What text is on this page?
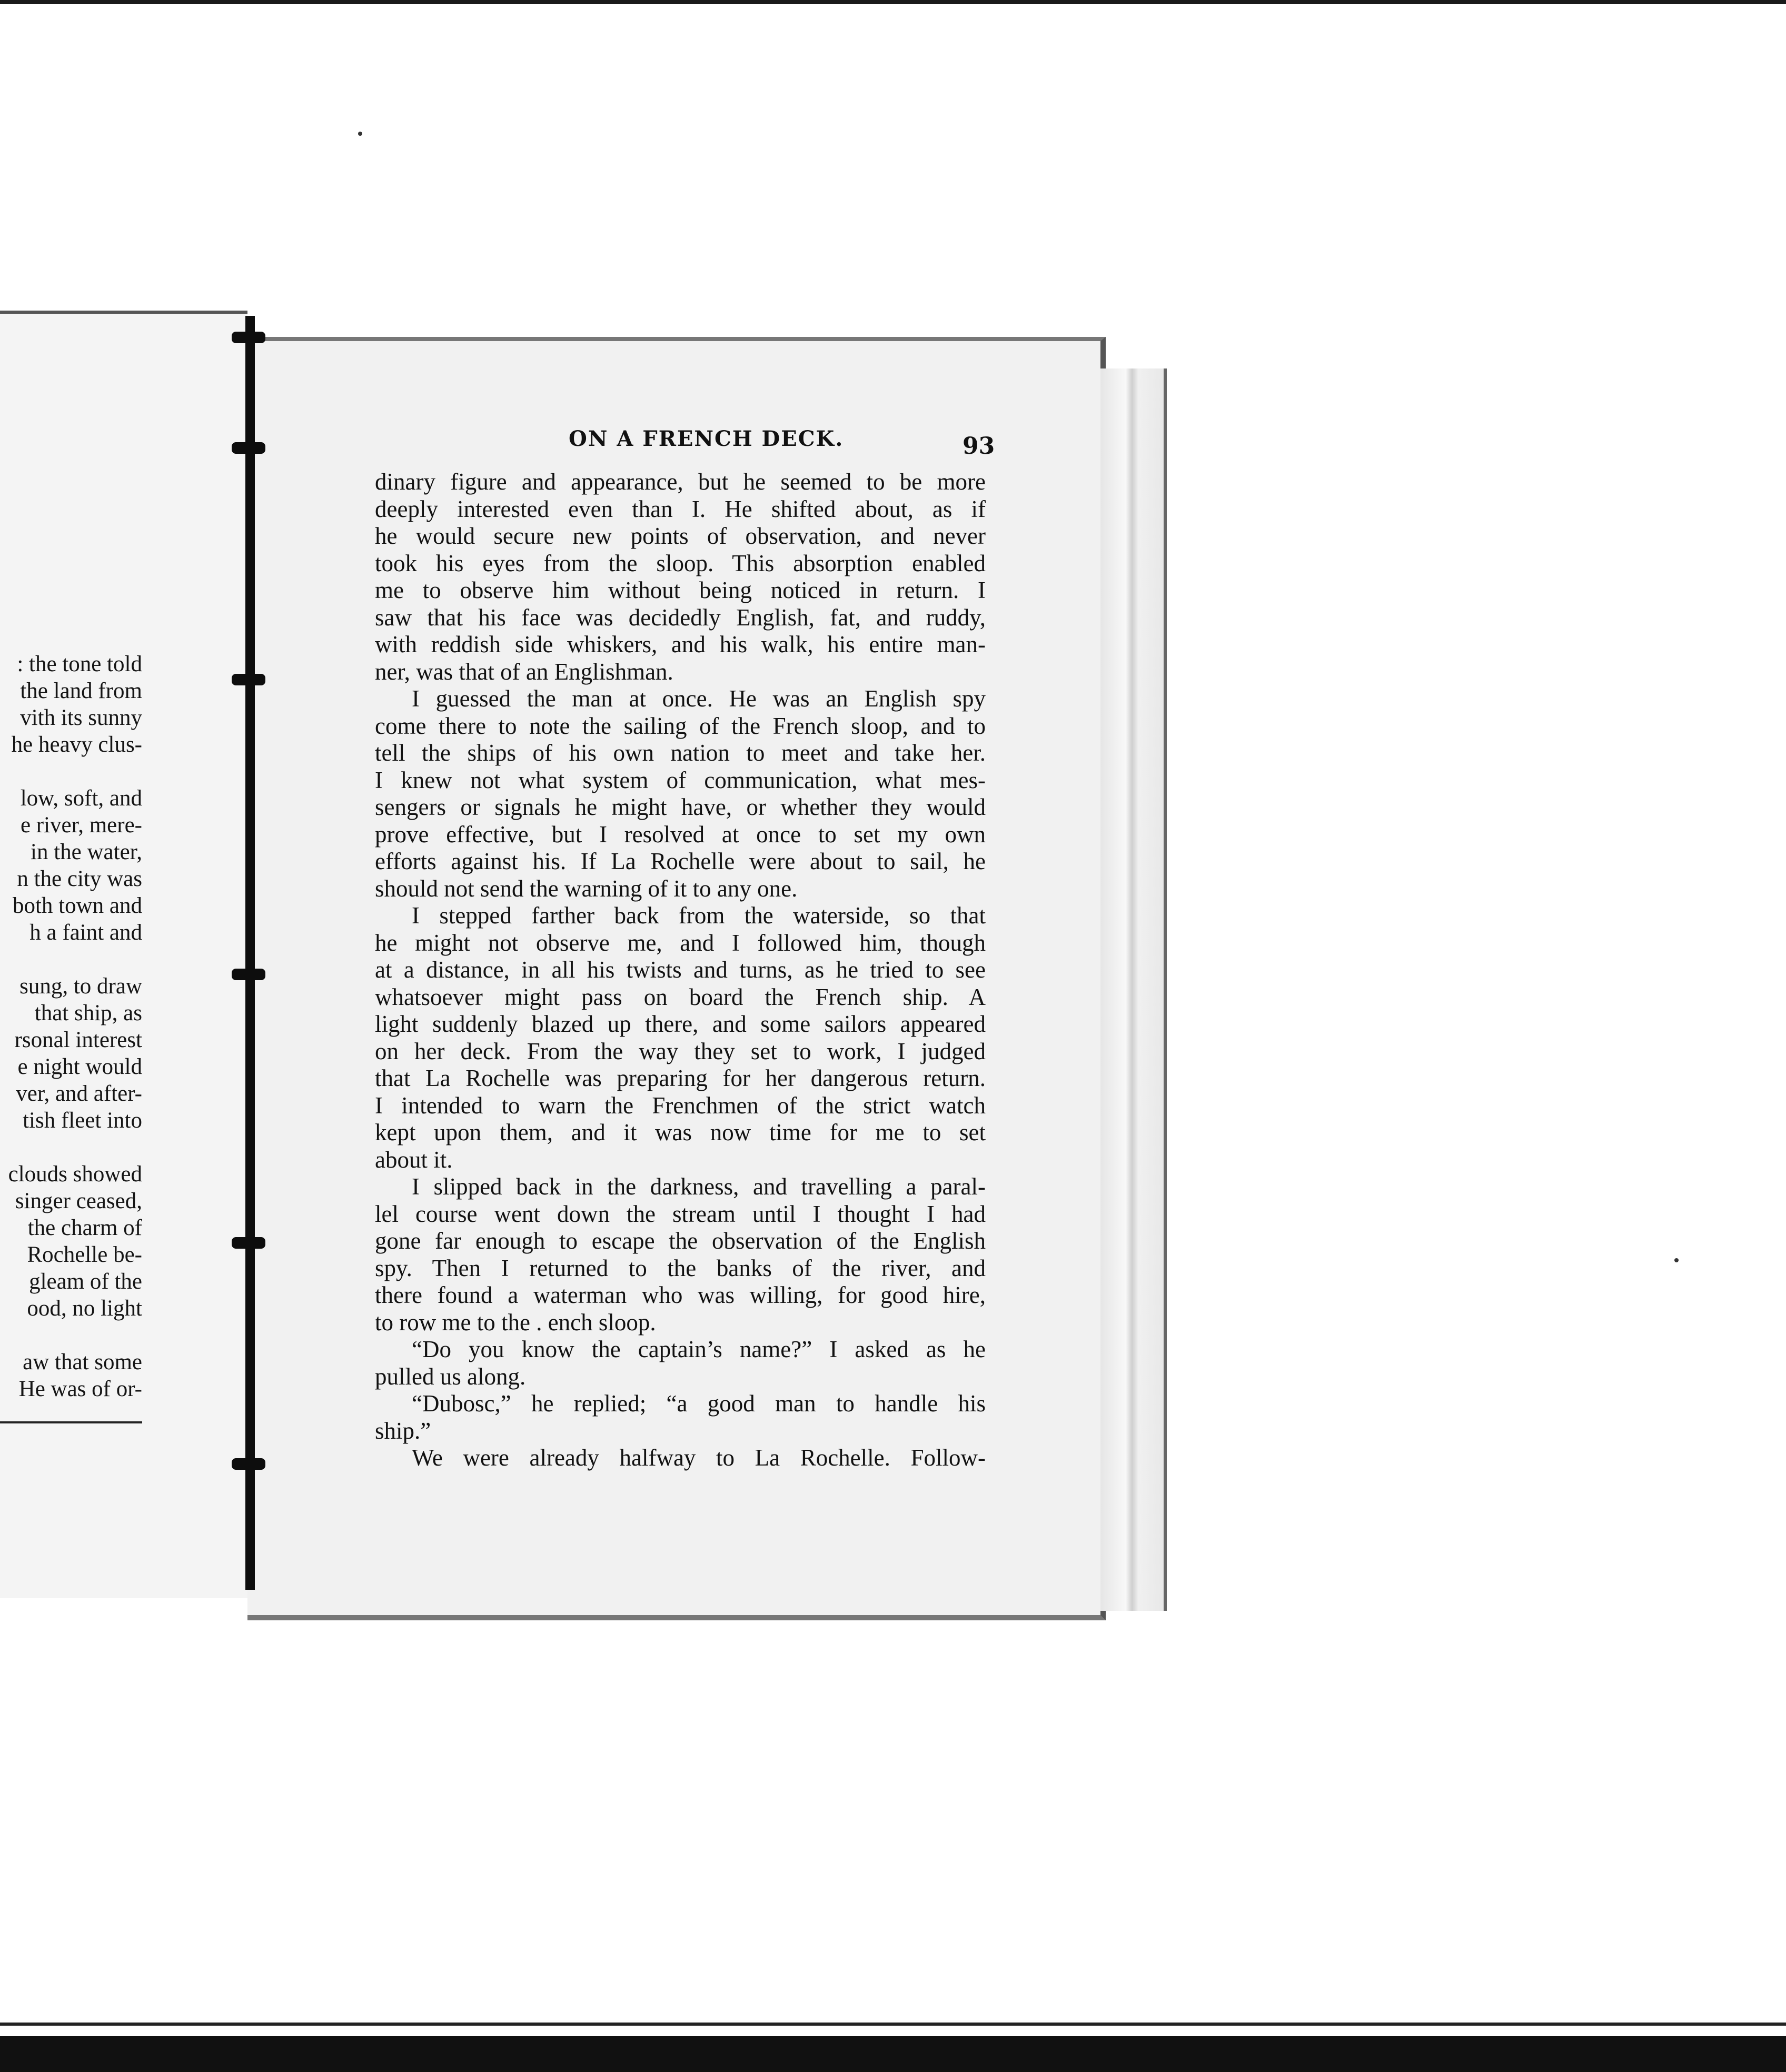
: the tone told
the land from
vith its sunny
he heavy clus-
low, soft, and
e river, mere-
in the water,
n the city was
both town and
h a faint and
sung, to draw
that ship, as
rsonal interest
e night would
ver, and after-
tish fleet into
clouds showed
singer ceased,
the charm of
Rochelle be-
gleam of the
ood, no light
aw that some
He was of or-
ON A FRENCH DECK.	93
dinary figure and appearance, but he seemed to be more
deeply interested even than I. He shifted about, as if
he would secure new points of observation, and never
took his eyes from the sloop. This absorption enabled
me to observe him without being noticed in return. I
saw that his face was decidedly English, fat, and ruddy,
with reddish side whiskers, and his walk, his entire man-
ner, was that of an Englishman.
I guessed the man at once. He was an English spy
come there to note the sailing of the French sloop, and to
tell the ships of his own nation to meet and take her.
I knew not what system of communication, what mes-
sengers or signals he might have, or whether they would
prove effective, but I resolved at once to set my own
efforts against his. If La Rochelle were about to sail, he
should not send the warning of it to any one.
I stepped farther back from the waterside, so that
he might not observe me, and I followed him, though
at a distance, in all his twists and turns, as he tried to see
whatsoever might pass on board the French ship. A
light suddenly blazed up there, and some sailors appeared
on her deck. From the way they set to work, I judged
that La Rochelle was preparing for her dangerous return.
I intended to warn the Frenchmen of the strict watch
kept upon them, and it was now time for me to set
about it.
I slipped back in the darkness, and travelling a paral-
lel course went down the stream until I thought I had
gone far enough to escape the observation of the English
spy. Then I returned to the banks of the river, and
there found a waterman who was willing, for good hire,
to row me to the . ench sloop.
“Do you know the captain’s name?” I asked as he
pulled us along.
“Dubosc,” he replied; “a good man to handle his
ship.”
We were already halfway to La Rochelle. Follow-
